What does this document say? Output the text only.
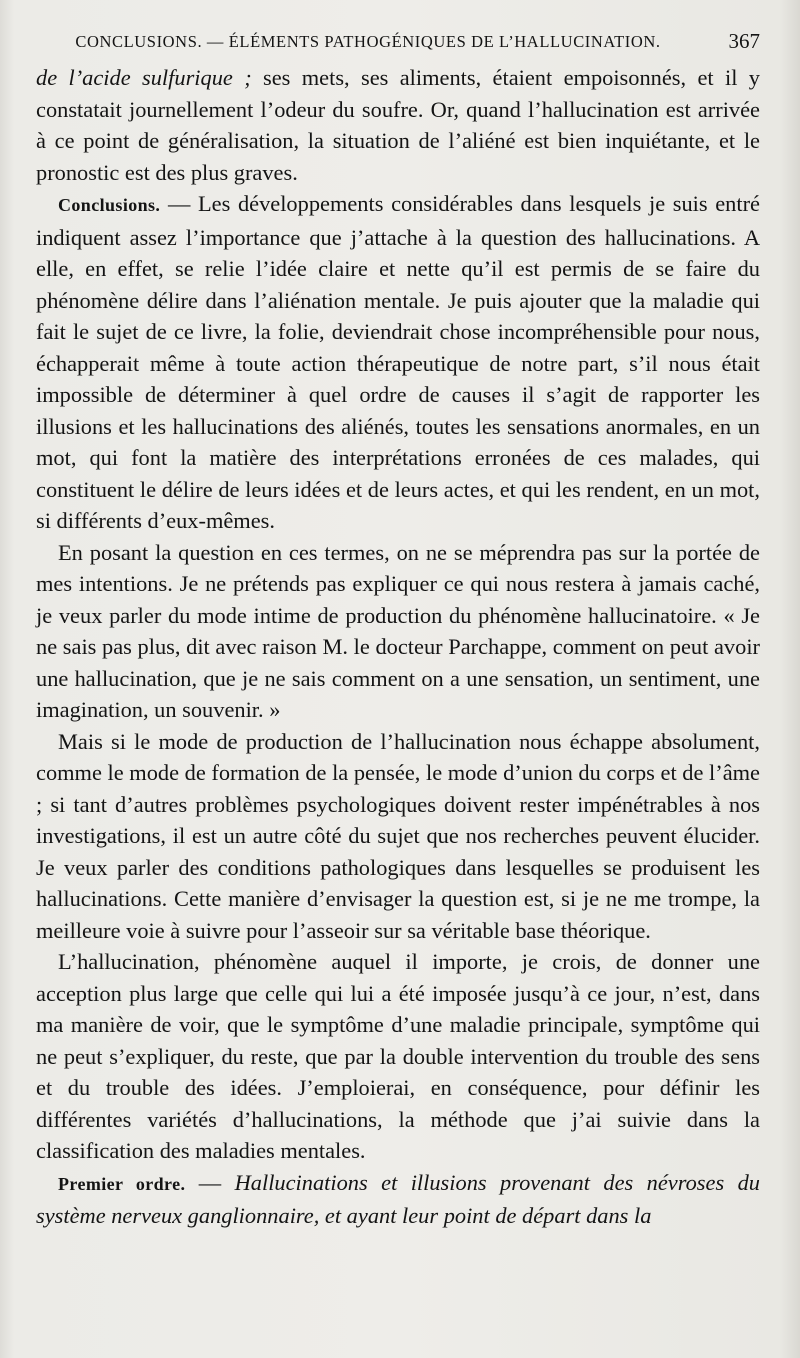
CONCLUSIONS. — ÉLÉMENTS PATHOGÉNIQUES DE L’HALLUCINATION.	367

de l’acide sulfurique ; ses mets, ses aliments, étaient empoisonnés, et il y constatait journellement l’odeur du soufre. Or, quand l’hallucination est arrivée à ce point de généralisation, la situation de l’aliéné est bien inquiétante, et le pronostic est des plus graves.

Conclusions. — Les développements considérables dans lesquels je suis entré indiquent assez l’importance que j’attache à la question des hallucinations. A elle, en effet, se relie l’idée claire et nette qu’il est permis de se faire du phénomène délire dans l’aliénation mentale. Je puis ajouter que la maladie qui fait le sujet de ce livre, la folie, deviendrait chose incompréhensible pour nous, échapperait même à toute action thérapeutique de notre part, s’il nous était impossible de déterminer à quel ordre de causes il s’agit de rapporter les illusions et les hallucinations des aliénés, toutes les sensations anormales, en un mot, qui font la matière des interprétations erronées de ces malades, qui constituent le délire de leurs idées et de leurs actes, et qui les rendent, en un mot, si différents d’eux-mêmes.

En posant la question en ces termes, on ne se méprendra pas sur la portée de mes intentions. Je ne prétends pas expliquer ce qui nous restera à jamais caché, je veux parler du mode intime de production du phénomène hallucinatoire. « Je ne sais pas plus, dit avec raison M. le docteur Parchappe, comment on peut avoir une hallucination, que je ne sais comment on a une sensation, un sentiment, une imagination, un souvenir. »

Mais si le mode de production de l’hallucination nous échappe absolument, comme le mode de formation de la pensée, le mode d’union du corps et de l’âme ; si tant d’autres problèmes psychologiques doivent rester impénétrables à nos investigations, il est un autre côté du sujet que nos recherches peuvent élucider. Je veux parler des conditions pathologiques dans lesquelles se produisent les hallucinations. Cette manière d’envisager la question est, si je ne me trompe, la meilleure voie à suivre pour l’asseoir sur sa véritable base théorique.

L’hallucination, phénomène auquel il importe, je crois, de donner une acception plus large que celle qui lui a été imposée jusqu’à ce jour, n’est, dans ma manière de voir, que le symptôme d’une maladie principale, symptôme qui ne peut s’expliquer, du reste, que par la double intervention du trouble des sens et du trouble des idées. J’emploierai, en conséquence, pour définir les différentes variétés d’hallucinations, la méthode que j’ai suivie dans la classification des maladies mentales.

Premier ordre. — Hallucinations et illusions provenant des névroses du système nerveux ganglionnaire, et ayant leur point de départ dans la
